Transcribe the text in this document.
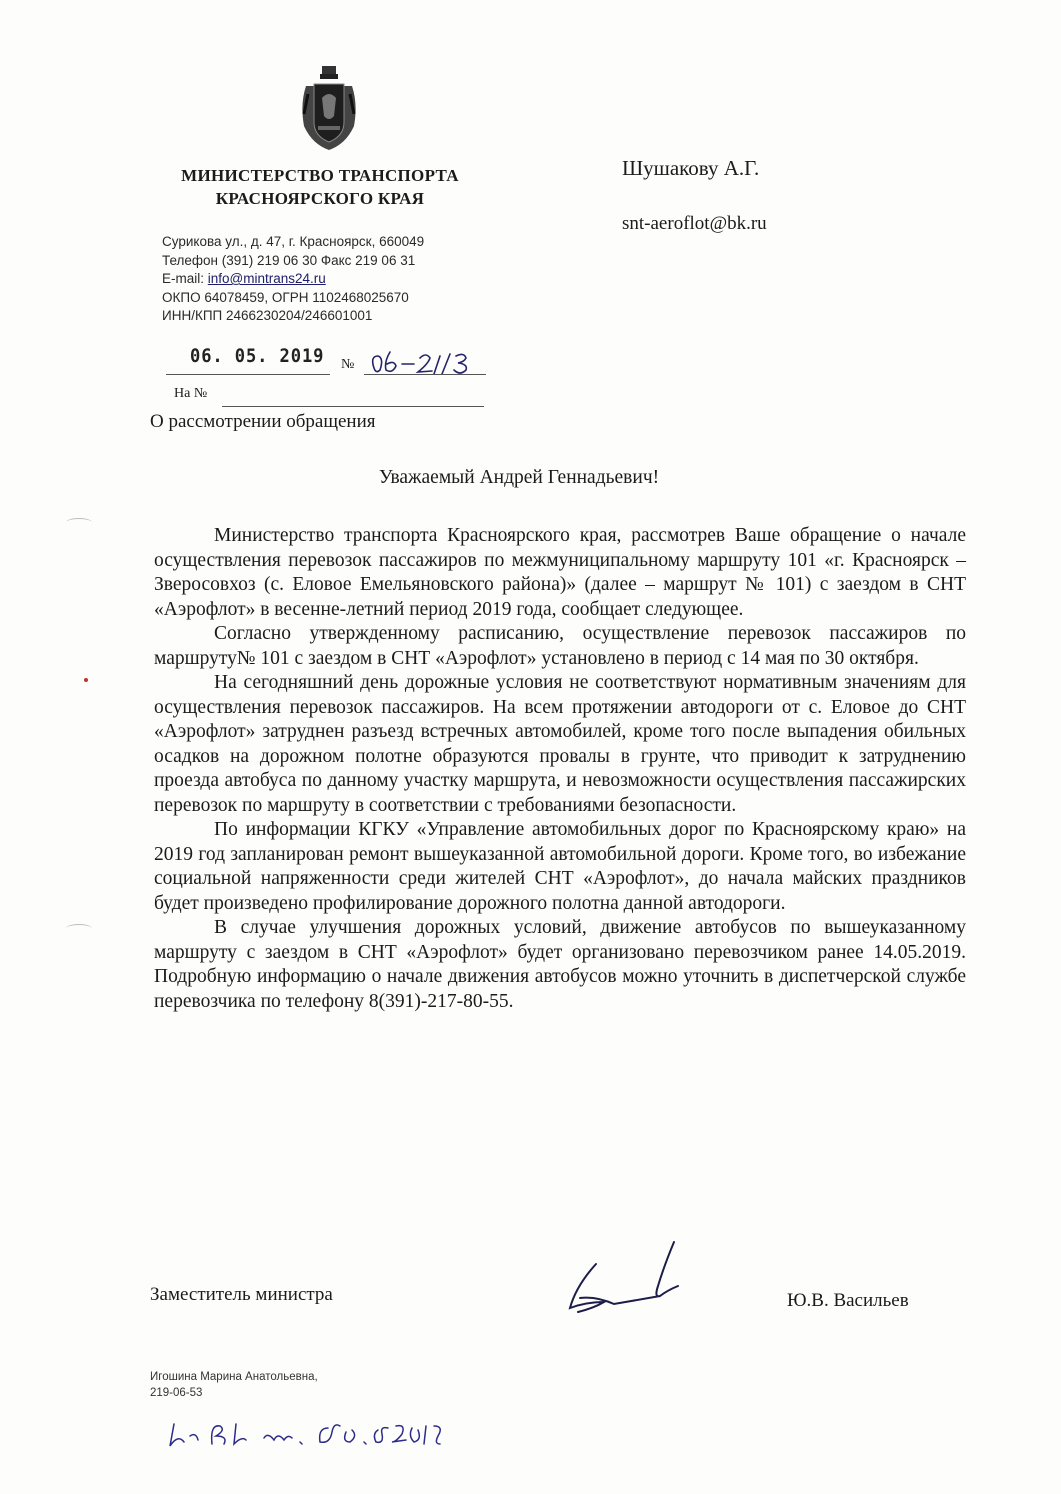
МИНИСТЕРСТВО ТРАНСПОРТА
КРАСНОЯРСКОГО КРАЯ
Сурикова ул., д. 47, г. Красноярск, 660049
Телефон (391) 219 06 30 Факс 219 06 31
E-mail: info@mintrans24.ru
ОКПО 64078459, ОГРН 1102468025670
ИНН/КПП 2466230204/246601001
Шушакову А.Г.
snt-aeroflot@bk.ru
06. 05. 2019 №
На №
О рассмотрении обращения
Уважаемый Андрей Геннадьевич!

Министерство транспорта Красноярского края, рассмотрев Ваше обращение о начале осуществления перевозок пассажиров по межмуниципальному маршруту 101 «г. Красноярск – Зверосовхоз (с. Еловое Емельяновского района)» (далее – маршрут № 101) с заездом в СНТ «Аэрофлот» в весенне-летний период 2019 года, сообщает следующее.

Согласно утвержденному расписанию, осуществление перевозок пассажиров по маршруту№ 101 с заездом в СНТ «Аэрофлот» установлено в период с 14 мая по 30 октября.

На сегодняшний день дорожные условия не соответствуют нормативным значениям для осуществления перевозок пассажиров. На всем протяжении автодороги от с. Еловое до СНТ «Аэрофлот» затруднен разъезд встречных автомобилей, кроме того после выпадения обильных осадков на дорожном полотне образуются провалы в грунте, что приводит к затруднению проезда автобуса по данному участку маршрута, и невозможности осуществления пассажирских перевозок по маршруту в соответствии с требованиями безопасности.

По информации КГКУ «Управление автомобильных дорог по Красноярскому краю» на 2019 год запланирован ремонт вышеуказанной автомобильной дороги. Кроме того, во избежание социальной напряженности среди жителей СНТ «Аэрофлот», до начала майских праздников будет произведено профилирование дорожного полотна данной автодороги.

В случае улучшения дорожных условий, движение автобусов по вышеуказанному маршруту с заездом в СНТ «Аэрофлот» будет организовано перевозчиком ранее 14.05.2019. Подробную информацию о начале движения автобусов можно уточнить в диспетчерской службе перевозчика по телефону 8(391)-217-80-55.

Заместитель министра	Ю.В. Васильев
Игошина Марина Анатольевна,
219-06-53
